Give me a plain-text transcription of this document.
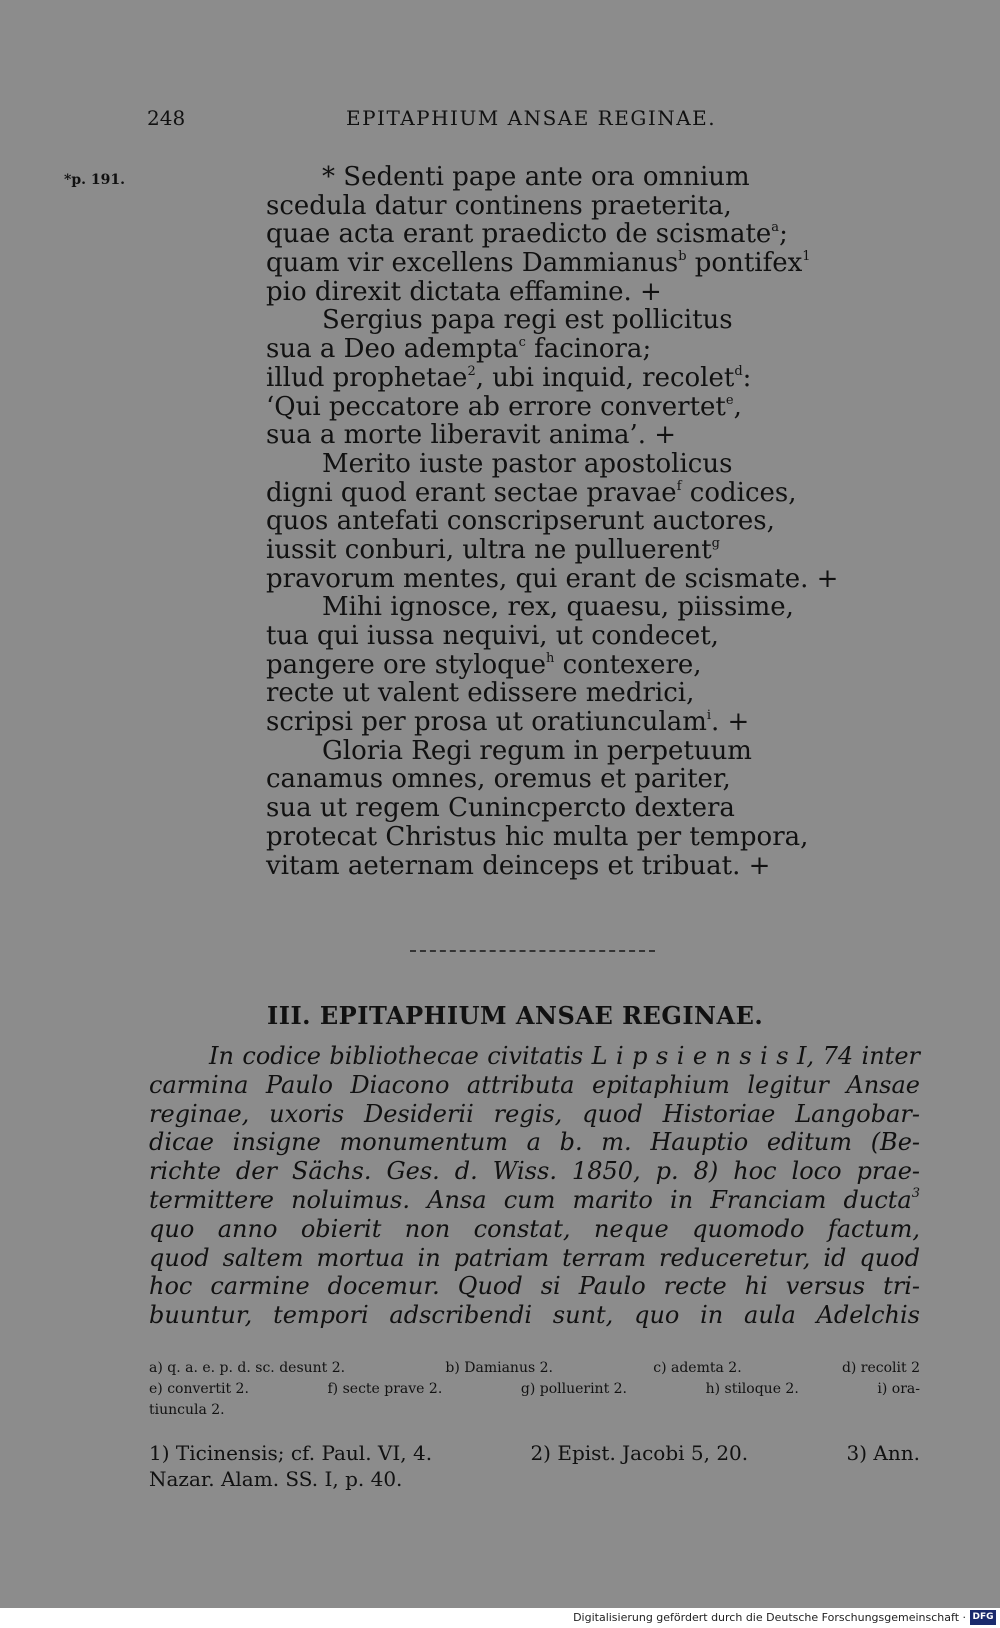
248	EPITAPHIUM ANSAE REGINAE.
*p. 191.	* Sedenti pape ante ora omnium
scedula datur continens praeterita,
quae acta erant praedicto de scismate$^a$;
quam vir excellens Dammianus$^b$ pontifex$^1$
pio direxit dictata effamine. +
Sergius papa regi est pollicitus
sua a Deo adempta$^c$ facinora;
illud prophetae$^2$, ubi inquid, recolet$^d$:
‘Qui peccatore ab errore convertet$^e$,
sua a morte liberavit anima’. +
Merito iuste pastor apostolicus
digni quod erant sectae pravae$^f$ codices,
quos antefati conscripserunt auctores,
iussit conburi, ultra ne pulluerent$^g$
pravorum mentes, qui erant de scismate. +
Mihi ignosce, rex, quaesu, piissime,
tua qui iussa nequivi, ut condecet,
pangere ore styloque$^h$ contexere,
recte ut valent edissere medrici,
scripsi per prosa ut oratiunculam$^i$. +
Gloria Regi regum in perpetuum
canamus omnes, oremus et pariter,
sua ut regem Cunincpercto dextera
protecat Christus hic multa per tempora,
vitam aeternam deinceps et tribuat. +
III. EPITAPHIUM ANSAE REGINAE.
In codice bibliothecae civitatis L i p s i e n s i s I, 74 inter
carmina Paulo Diacono attributa epitaphium legitur Ansae
reginae, uxoris Desiderii regis, quod Historiae Langobar-
dicae insigne monumentum a b. m. Hauptio editum (Be-
richte der Sächs. Ges. d. Wiss. 1850, p. 8) hoc loco prae-
termittere noluimus. Ansa cum marito in Franciam ducta$^3$
quo anno obierit non constat, neque quomodo factum,
quod saltem mortua in patriam terram reduceretur, id quod
hoc carmine docemur. Quod si Paulo recte hi versus tri-
buuntur, tempori adscribendi sunt, quo in aula Adelchis
a) q. a. e. p. d. sc. desunt 2.	b) Damianus 2.	c) ademta 2.	d) recolit 2
e) convertit 2.	f) secte prave 2.	g) polluerint 2.	h) stiloque 2.	i) ora-
tiuncula 2.
1) Ticinensis; cf. Paul. VI, 4.	2) Epist. Jacobi 5, 20.	3) Ann.
Nazar. Alam. SS. I, p. 40.
Digitalisierung gefördert durch die Deutsche Forschungsgemeinschaft · DFG
